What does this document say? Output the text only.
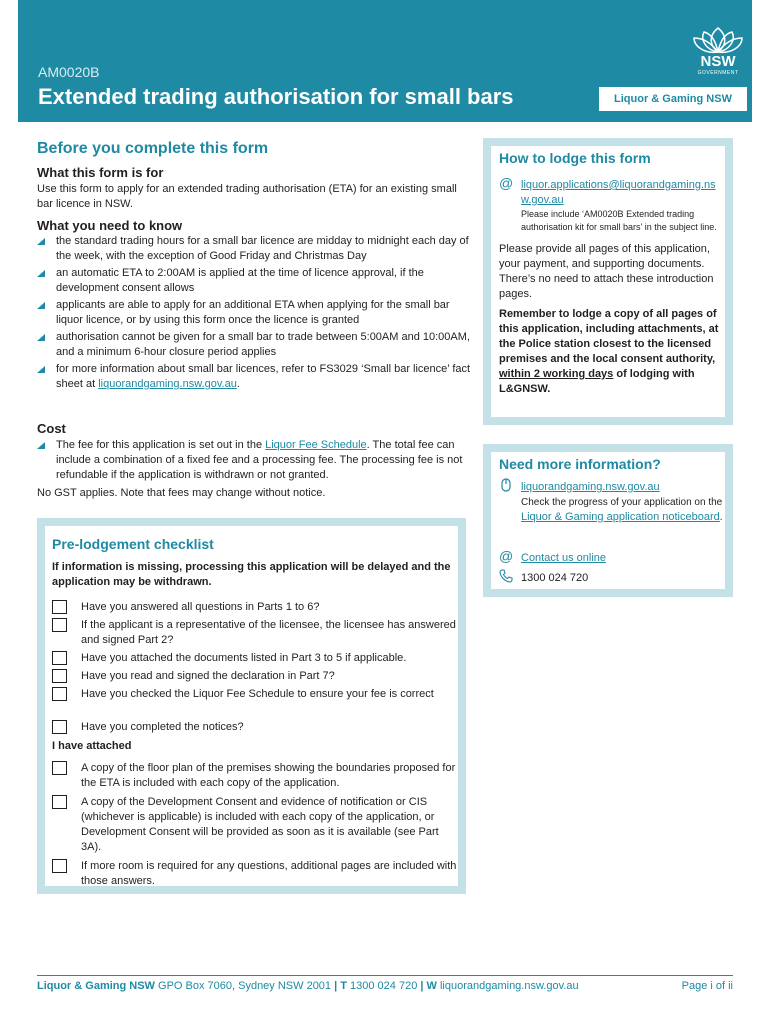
AM0020B
Extended trading authorisation for small bars	Liquor & Gaming NSW
NSW
GOVERNMENT
Before you complete this form
What this form is for
Use this form to apply for an extended trading authorisation (ETA) for an existing small bar licence in NSW.
What you need to know
the standard trading hours for a small bar licence are midday to midnight each day of the week, with the exception of Good Friday and Christmas Day
an automatic ETA to 2:00AM is applied at the time of licence approval, if the development consent allows
applicants are able to apply for an additional ETA when applying for the small bar liquor licence, or by using this form once the licence is granted
authorisation cannot be given for a small bar to trade between 5:00AM and 10:00AM, and a minimum 6-hour closure period applies
for more information about small bar licences, refer to FS3029 ‘Small bar licence’ fact sheet at liquorandgaming.nsw.gov.au.
Cost
The fee for this application is set out in the Liquor Fee Schedule. The total fee can include a combination of a fixed fee and a processing fee. The processing fee is not refundable if the application is withdrawn or not granted.
No GST applies. Note that fees may change without notice.
Pre-lodgement checklist
If information is missing, processing this application will be delayed and the application may be withdrawn.
Have you answered all questions in Parts 1 to 6?
If the applicant is a representative of the licensee, the licensee has answered and signed Part 2?
Have you attached the documents listed in Part 3 to 5 if applicable.
Have you read and signed the declaration in Part 7?
Have you checked the Liquor Fee Schedule to ensure your fee is correct
Have you completed the notices?
I have attached
A copy of the floor plan of the premises showing the boundaries proposed for the ETA is included with each copy of the application.
A copy of the Development Consent and evidence of notification or CIS (whichever is applicable) is included with each copy of the application, or Development Consent will be provided as soon as it is available (see Part 3A).
If more room is required for any questions, additional pages are included with those answers.
How to lodge this form
@ liquor.applications@liquorandgaming.nsw.gov.au
Please include ‘AM0020B Extended trading authorisation kit for small bars’ in the subject line.
Please provide all pages of this application, your payment, and supporting documents. There’s no need to attach these introduction pages.
Remember to lodge a copy of all pages of this application, including attachments, at the Police station closest to the licensed premises and the local consent authority, within 2 working days of lodging with L&GNSW.
Need more information?
liquorandgaming.nsw.gov.au
Check the progress of your application on the Liquor & Gaming application noticeboard.
@ Contact us online
1300 024 720
Liquor & Gaming NSW GPO Box 7060, Sydney NSW 2001 | T 1300 024 720 | W liquorandgaming.nsw.gov.au	Page i of ii
